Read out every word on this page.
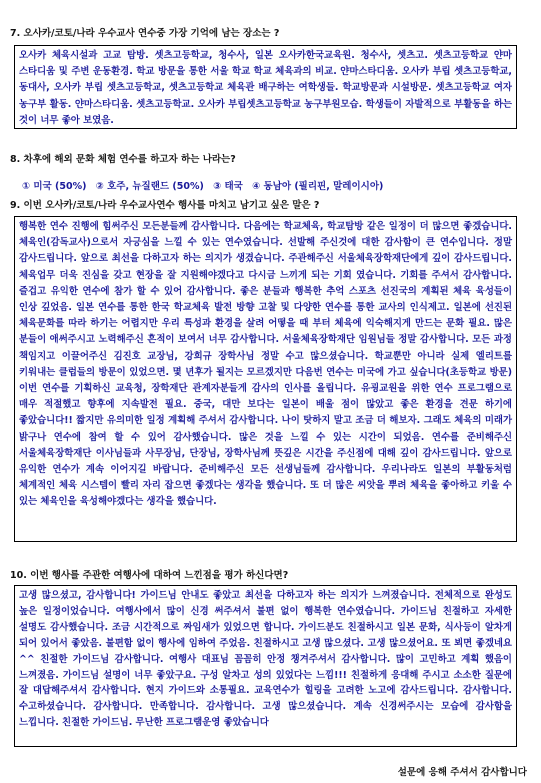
7. 오사카/코토/나라 우수교사 연수중 가장 기억에 남는 장소는 ?
오사카 체육시설과 고교 탐방. 셋츠고등학교, 청수사, 일본 오사카한국교육원. 청수사, 셋츠고. 셋츠고등학교 얀마 스타디움 및 주변 운동환경. 학교 방문을 통한 서울 학교 학교 체육과의 비교. 얀마스타디움. 오사카 부립 셋츠고등학교, 동대사, 오사카 부립 셋츠고등학교, 셋츠고등학교 체육관 배구하는 여학생들. 학교방문과 시설방문. 셋츠고등학교 여자 농구부 활동. 얀마스타디움. 셋츠고등학교. 오사카 부립셋츠고등학교 농구부원모습. 학생들이 자발적으로 부활동을 하는 것이 너무 좋아 보였음.
8. 차후에 해외 문화 체험 연수를 하고자 하는 나라는?
① 미국 (50%) ② 호주, 뉴질랜드 (50%) ③ 태국 ④ 동남아 (필리핀, 말레이시아)
9. 이번 오사카/코토/나라 우수교사연수 행사를 마치고 남기고 싶은 말은 ?
행복한 연수 진행에 힘써주신 모든분들께 감사합니다. 다음에는 학교체육, 학교탐방 같은 일정이 더 많으면 좋겠습니다. 체육인(감독교사)으로서 자긍심을 느낄 수 있는 연수였습니다. 선발해 주신것에 대한 감사함이 큰 연수입니다. 정말 감사드립니다. 앞으로 최선을 다하고자 하는 의지가 생겼습니다. 주관해주신 서울체육장학재단에게 깊이 감사드립니다. 체육업무 더욱 진심을 갖고 현장을 잘 지원해야겠다고 다시금 느끼게 되는 기회 였습니다. 기회를 주셔서 감사합니다. 즐겁고 유익한 연수에 참가 할 수 있어 감사합니다. 좋은 분들과 행복한 추억 스포츠 선진국의 계획된 체육 육성들이 인상 깊었음. 일본 연수를 통한 한국 학교체육 발전 방향 고찰 및 다양한 연수를 통한 교사의 인식제고. 일본에 선진된 체육문화를 따라 하기는 어렵지만 우리 특성과 환경을 살려 어떻을 때 부터 체육에 익숙해지게 만드는 문화 필요. 많은 분들이 애써주시고 노력해주신 흔적이 보여서 너무 감사합니다. 서울체육장학재단 임원님들 정말 감사합니다. 모든 과정 책임지고 이끌어주신 김진호 교장님, 강희규 장학사님 정말 수고 많으셨습니다. 학교뿐만 아니라 실제 엘리트를 키워내는 클럽들의 방문이 있었으면. 몇 년후가 될지는 모르겠지만 다음번 연수는 미국에 가고 싶습니다(초등학교 방문) 이번 연수를 기획하신 교육청, 장학재단 관계자분들게 감사의 인사를 올립니다. 유굉교원을 위한 연수 프로그램으로 매우 적절했고 향후에 지속발전 필요. 중국, 대만 보다는 일본이 배울 점이 많았고 좋은 환경을 견문 하기에 좋았습니다!! 짧지만 유의미한 일정 계획해 주셔서 감사합니다. 나이 탓하지 말고 조금 더 해보자. 그래도 체육의 미래가 밝구나 연수에 참여 할 수 있어 감사했습니다. 많은 것을 느낄 수 있는 시간이 되었음. 연수를 준비해주신 서울체육장학재단 이사님들과 사무장님, 단장님, 장학사님께 뜻깊은 시간을 주신점에 대해 깊이 감사드립니다. 앞으로 유익한 연수가 계속 이어지길 바랍니다. 준비해주신 모든 선생님들께 감사합니다. 우리나라도 일본의 부활동처럼 체계적인 체육 시스템이 빨리 자리 잡으면 좋겠다는 생각을 했습니다. 또 더 많은 씨앗을 뿌려 체육을 좋아하고 키울 수 있는 체육인을 육성해야겠다는 생각을 했습니다.
10. 이번 행사를 주관한 여행사에 대하여 느낀점을 평가 하신다면?
고생 많으셨고, 감사합니다! 가이드님 안내도 좋았고 최선을 다하고자 하는 의지가 느껴졌습니다. 전체적으로 완성도 높은 일정이었습니다. 여행사에서 많이 신경 써주셔서 불편 없이 행복한 연수였습니다. 가이드님 친절하고 자세한 설명도 감사했습니다. 조금 시간적으로 짜임새가 있었으면 합니다. 가이드분도 친절하시고 일본 문화, 식사등이 알차게 되어 있어서 좋았음. 불편함 없이 행사에 임하여 주었음. 친절하시고 고생 많으셨다. 고생 많으셨어요. 또 뵈면 좋겠네요^^ 친절한 가이드님 감사합니다. 여행사 대표님 꼼꼼히 안정 챙겨주셔서 감사합니다. 많이 고민하고 계획 했음이 느껴졌음. 가이드님 설명이 너무 좋았구요. 구성 알차고 성의 있었다는 느낌!!! 친절하게 응대해 주시고 소소한 질문에 잘 대답해주셔서 감사합니다. 현지 가이드와 소통필요. 교육연수가 힐링을 고려한 노고에 감사드립니다. 감사합니다. 수고하셨습니다. 감사합니다. 만족합니다. 감사합니다. 고생 많으셨습니다. 계속 신경써주시는 모습에 감사함을 느낍니다. 친절한 가이드님. 무난한 프로그램운영 좋았습니다
설문에 응해 주셔서 감사합니다
